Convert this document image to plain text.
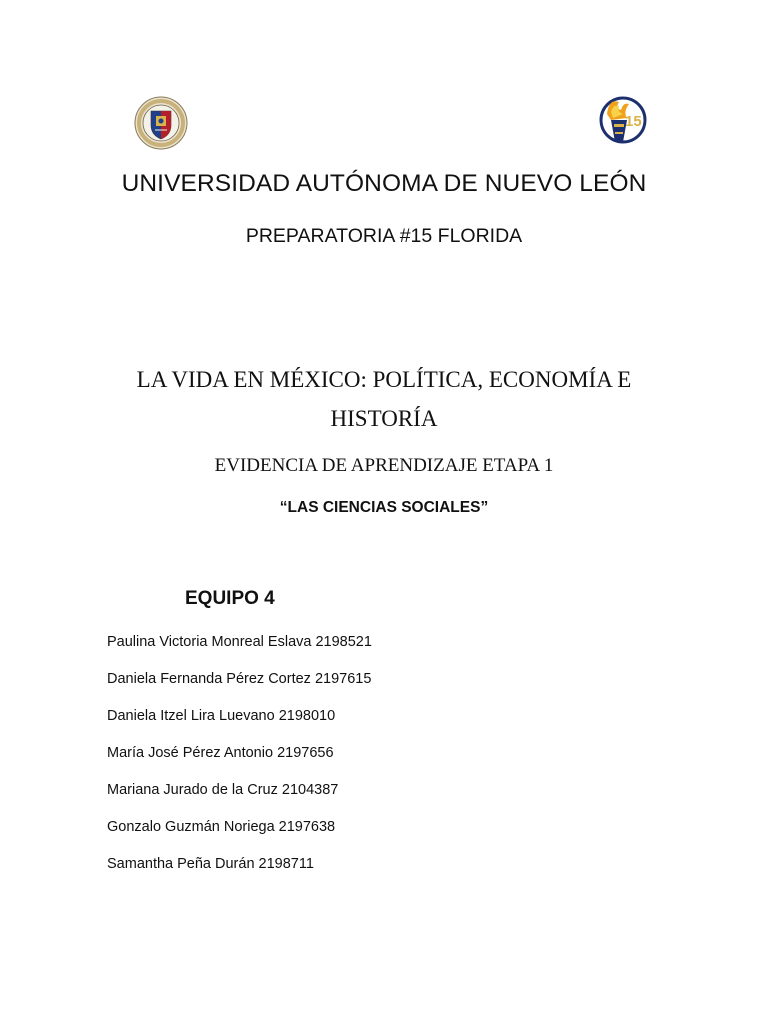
15
UNIVERSIDAD AUTÓNOMA DE NUEVO LEÓN
PREPARATORIA #15 FLORIDA
LA VIDA EN MÉXICO: POLÍTICA, ECONOMÍA E HISTORÍA
EVIDENCIA DE APRENDIZAJE ETAPA 1
“LAS CIENCIAS SOCIALES”
EQUIPO 4
Paulina Victoria Monreal Eslava 2198521
Daniela Fernanda Pérez Cortez 2197615
Daniela Itzel Lira Luevano 2198010
María José Pérez Antonio 2197656
Mariana Jurado de la Cruz 2104387
Gonzalo Guzmán Noriega 2197638
Samantha Peña Durán 2198711
